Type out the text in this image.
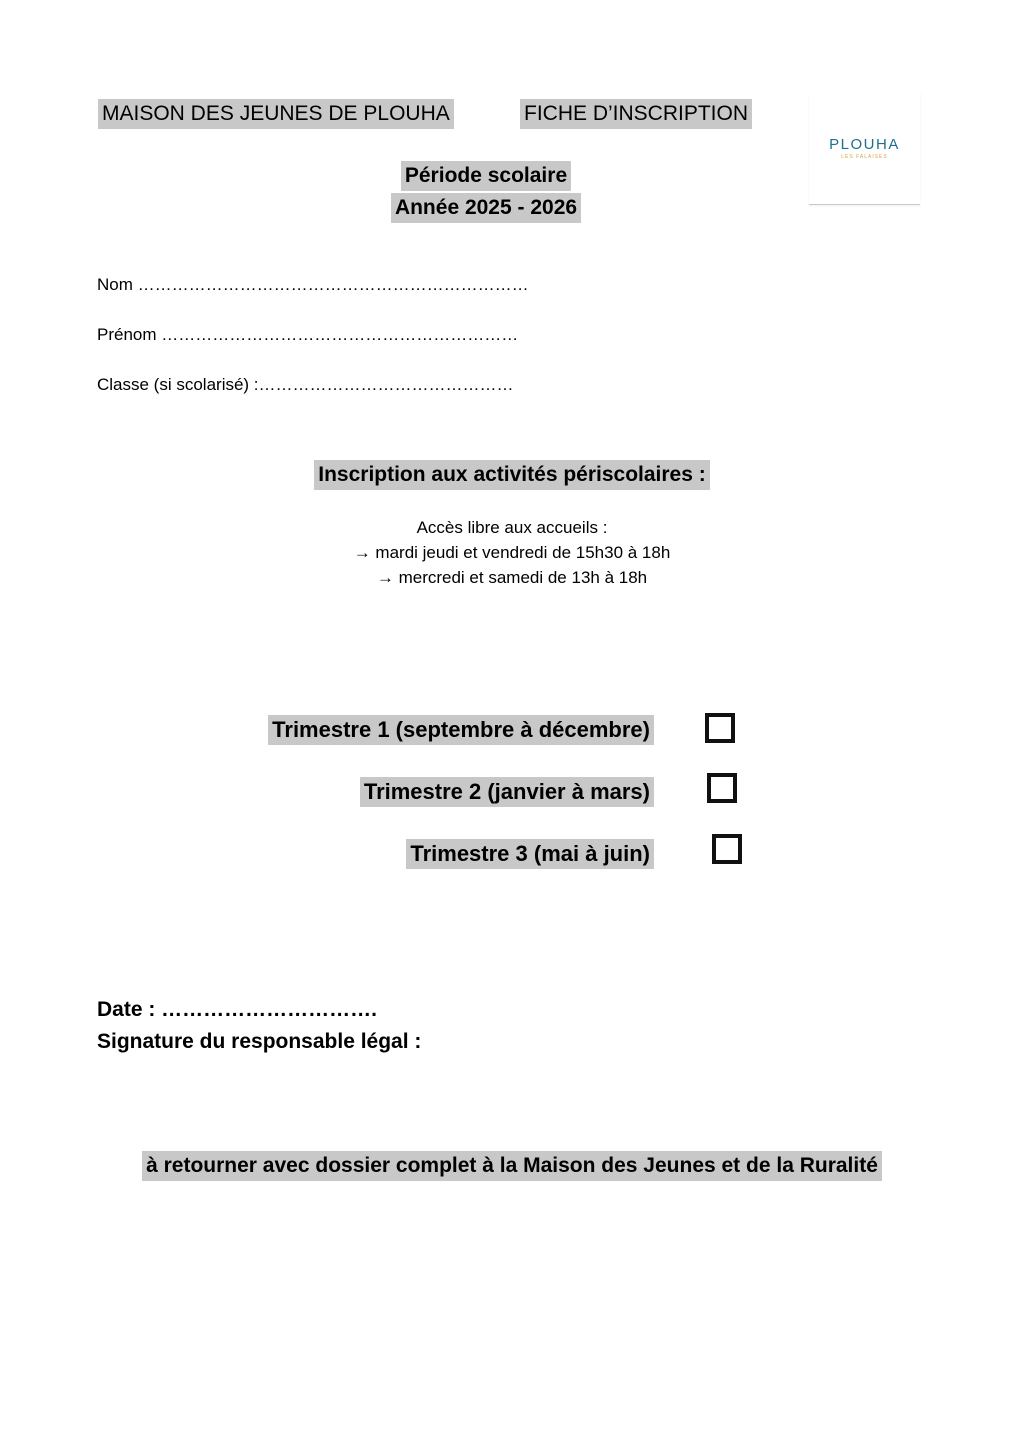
MAISON DES JEUNES DE PLOUHA	FICHE D’INSCRIPTION
PLOUHA
LES FALAISES
Période scolaire
Année 2025 - 2026
Nom ……………………………………………………………
Prénom ………………………………………………………
Classe (si scolarisé) :………………………………………
Inscription aux activités périscolaires :
Accès libre aux accueils :
→ mardi jeudi et vendredi de 15h30 à 18h
→ mercredi et samedi de 13h à 18h
Trimestre 1 (septembre à décembre)
Trimestre 2 (janvier à mars)
Trimestre 3 (mai à juin)
Date : ………………………….
Signature du responsable légal :
à retourner avec dossier complet à la Maison des Jeunes et de la Ruralité
